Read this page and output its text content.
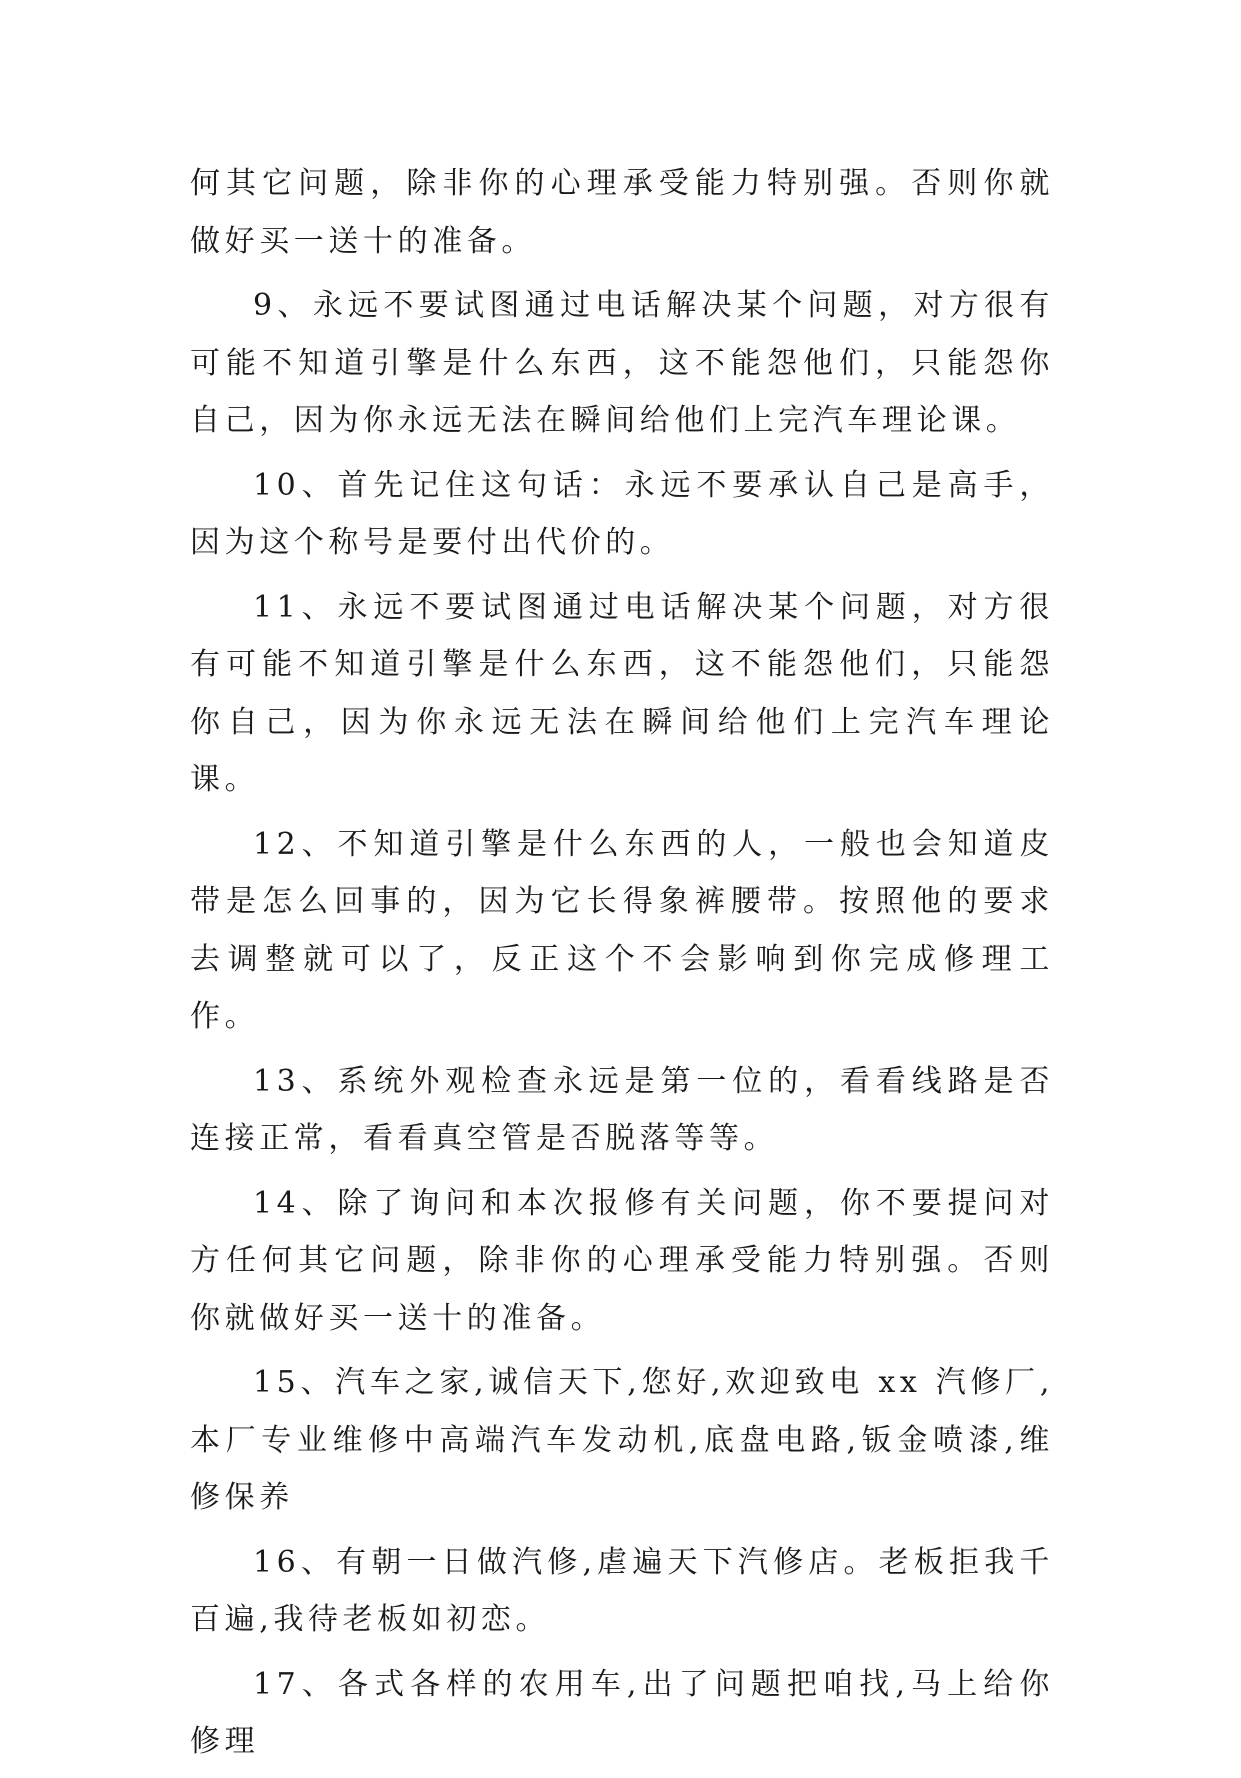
何其它问题，除非你的心理承受能力特别强。否则你就做好买一送十的准备。

9、永远不要试图通过电话解决某个问题，对方很有可能不知道引擎是什么东西，这不能怨他们，只能怨你自己，因为你永远无法在瞬间给他们上完汽车理论课。

10、首先记住这句话：永远不要承认自己是高手，因为这个称号是要付出代价的。

11、永远不要试图通过电话解决某个问题，对方很有可能不知道引擎是什么东西，这不能怨他们，只能怨你自己，因为你永远无法在瞬间给他们上完汽车理论课。

12、不知道引擎是什么东西的人，一般也会知道皮带是怎么回事的，因为它长得象裤腰带。按照他的要求去调整就可以了，反正这个不会影响到你完成修理工作。

13、系统外观检查永远是第一位的，看看线路是否连接正常，看看真空管是否脱落等等。

14、除了询问和本次报修有关问题，你不要提问对方任何其它问题，除非你的心理承受能力特别强。否则你就做好买一送十的准备。

15、汽车之家,诚信天下,您好,欢迎致电 xx 汽修厂,本厂专业维修中高端汽车发动机,底盘电路,钣金喷漆,维修保养

16、有朝一日做汽修,虐遍天下汽修店。老板拒我千百遍,我待老板如初恋。

17、各式各样的农用车,出了问题把咱找,马上给你修理
